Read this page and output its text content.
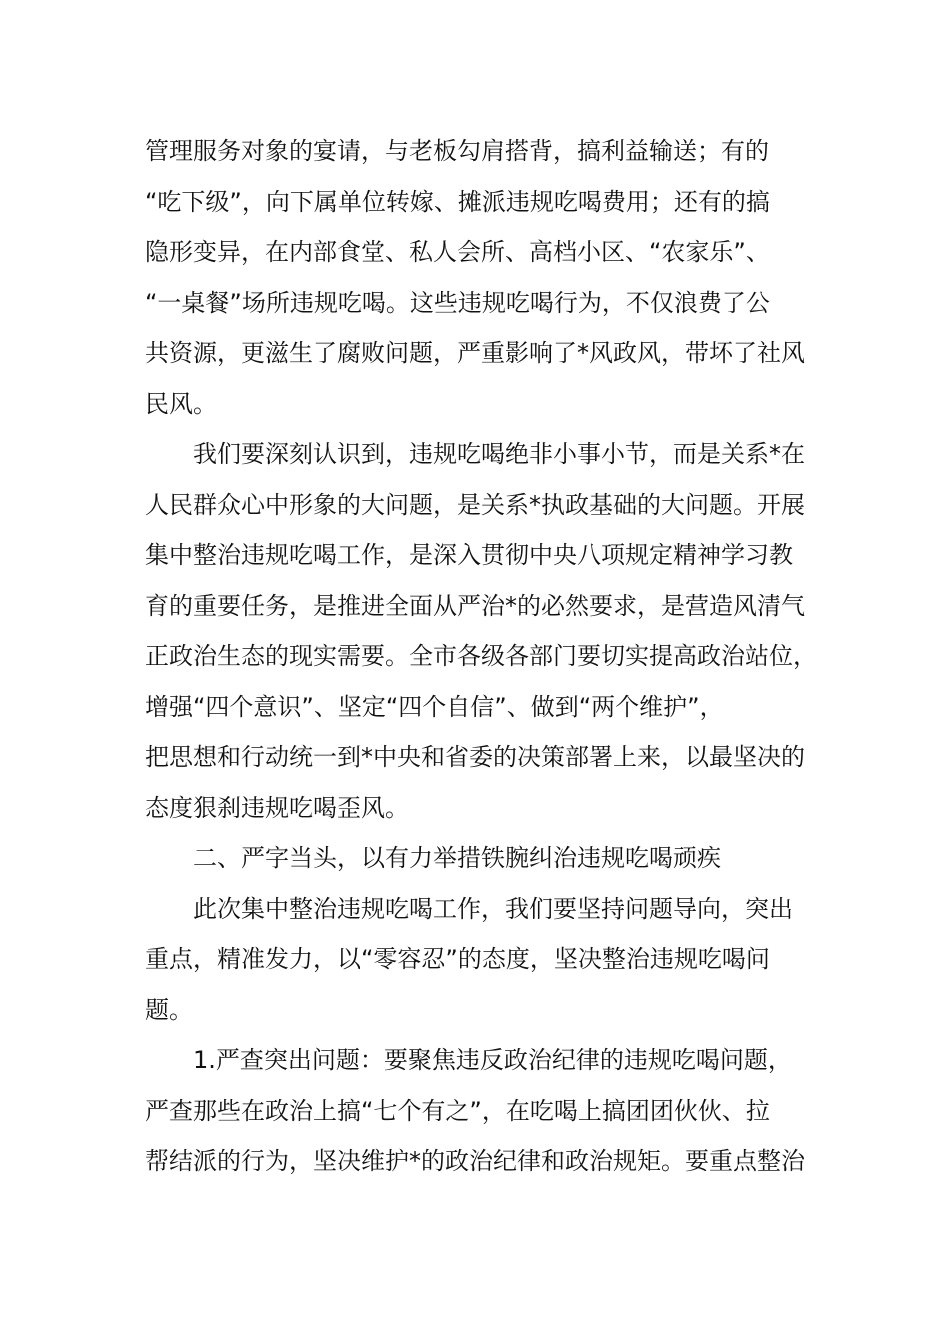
管理服务对象的宴请，与老板勾肩搭背，搞利益输送；有的
“吃下级”，向下属单位转嫁、摊派违规吃喝费用；还有的搞
隐形变异，在内部食堂、私人会所、高档小区、“农家乐”、
“一桌餐”场所违规吃喝。这些违规吃喝行为，不仅浪费了公
共资源，更滋生了腐败问题，严重影响了*风政风，带坏了社风
民风。
我们要深刻认识到，违规吃喝绝非小事小节，而是关系*在
人民群众心中形象的大问题，是关系*执政基础的大问题。开展
集中整治违规吃喝工作，是深入贯彻中央八项规定精神学习教
育的重要任务，是推进全面从严治*的必然要求，是营造风清气
正政治生态的现实需要。全市各级各部门要切实提高政治站位，
增强“四个意识”、坚定“四个自信”、做到“两个维护”，
把思想和行动统一到*中央和省委的决策部署上来，以最坚决的
态度狠刹违规吃喝歪风。
二、严字当头，以有力举措铁腕纠治违规吃喝顽疾
此次集中整治违规吃喝工作，我们要坚持问题导向，突出
重点，精准发力，以“零容忍”的态度，坚决整治违规吃喝问
题。
1.严查突出问题：要聚焦违反政治纪律的违规吃喝问题，
严查那些在政治上搞“七个有之”，在吃喝上搞团团伙伙、拉
帮结派的行为，坚决维护*的政治纪律和政治规矩。要重点整治
